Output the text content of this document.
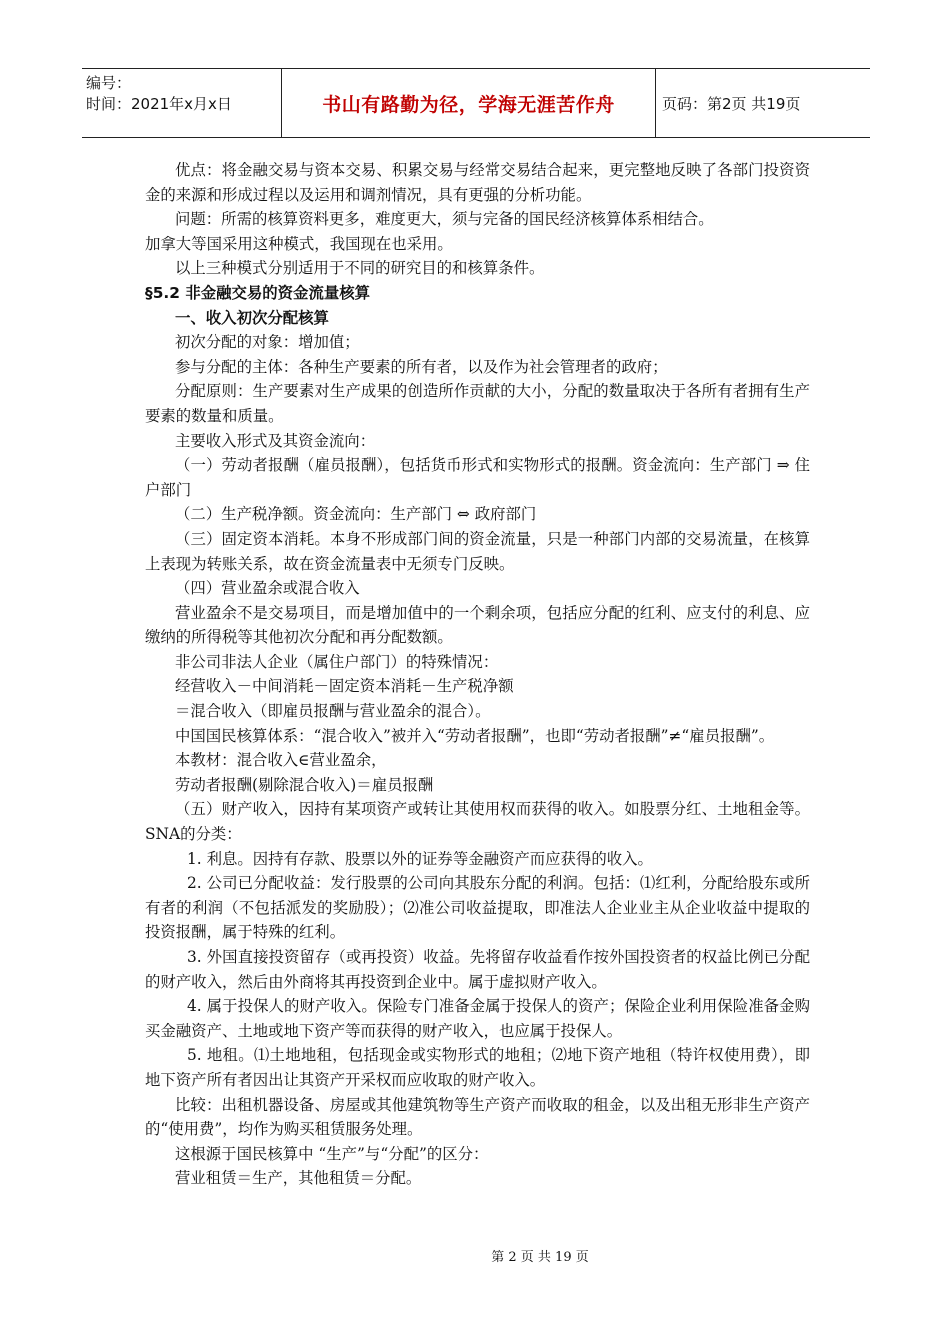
编号：
时间：2021年x月x日	书山有路勤为径，学海无涯苦作舟	页码：第2页 共19页

优点：将金融交易与资本交易、积累交易与经常交易结合起来，更完整地反映了各部门投资资金的来源和形成过程以及运用和调剂情况，具有更强的分析功能。

问题：所需的核算资料更多，难度更大，须与完备的国民经济核算体系相结合。

加拿大等国采用这种模式，我国现在也采用。

以上三种模式分别适用于不同的研究目的和核算条件。

§5.2 非金融交易的资金流量核算

一、收入初次分配核算

初次分配的对象：增加值；

参与分配的主体：各种生产要素的所有者，以及作为社会管理者的政府；

分配原则：生产要素对生产成果的创造所作贡献的大小，分配的数量取决于各所有者拥有生产要素的数量和质量。

主要收入形式及其资金流向：

（一）劳动者报酬（雇员报酬），包括货币形式和实物形式的报酬。资金流向：生产部门 ⇒ 住户部门

（二）生产税净额。资金流向：生产部门 ⇔ 政府部门

（三）固定资本消耗。本身不形成部门间的资金流量，只是一种部门内部的交易流量，在核算上表现为转账关系，故在资金流量表中无须专门反映。

（四）营业盈余或混合收入

营业盈余不是交易项目，而是增加值中的一个剩余项，包括应分配的红利、应支付的利息、应缴纳的所得税等其他初次分配和再分配数额。

非公司非法人企业（属住户部门）的特殊情况：

经营收入－中间消耗－固定资本消耗－生产税净额

＝混合收入（即雇员报酬与营业盈余的混合）。

中国国民核算体系：“混合收入”被并入“劳动者报酬”，也即“劳动者报酬”≠“雇员报酬”。

本教材：混合收入∈营业盈余，

劳动者报酬(剔除混合收入)＝雇员报酬

（五）财产收入，因持有某项资产或转让其使用权而获得的收入。如股票分红、土地租金等。SNA的分类：

1. 利息。因持有存款、股票以外的证券等金融资产而应获得的收入。

2. 公司已分配收益：发行股票的公司向其股东分配的利润。包括：⑴红利，分配给股东或所有者的利润（不包括派发的奖励股）；⑵准公司收益提取，即准法人企业业主从企业收益中提取的投资报酬，属于特殊的红利。

3. 外国直接投资留存（或再投资）收益。先将留存收益看作按外国投资者的权益比例已分配的财产收入，然后由外商将其再投资到企业中。属于虚拟财产收入。

4. 属于投保人的财产收入。保险专门准备金属于投保人的资产；保险企业利用保险准备金购买金融资产、土地或地下资产等而获得的财产收入，也应属于投保人。

5. 地租。⑴土地地租，包括现金或实物形式的地租；⑵地下资产地租（特许权使用费），即地下资产所有者因出让其资产开采权而应收取的财产收入。

比较：出租机器设备、房屋或其他建筑物等生产资产而收取的租金，以及出租无形非生产资产的“使用费”，均作为购买租赁服务处理。

这根源于国民核算中 “生产”与“分配”的区分：

营业租赁＝生产，其他租赁＝分配。

第 2 页 共 19 页
